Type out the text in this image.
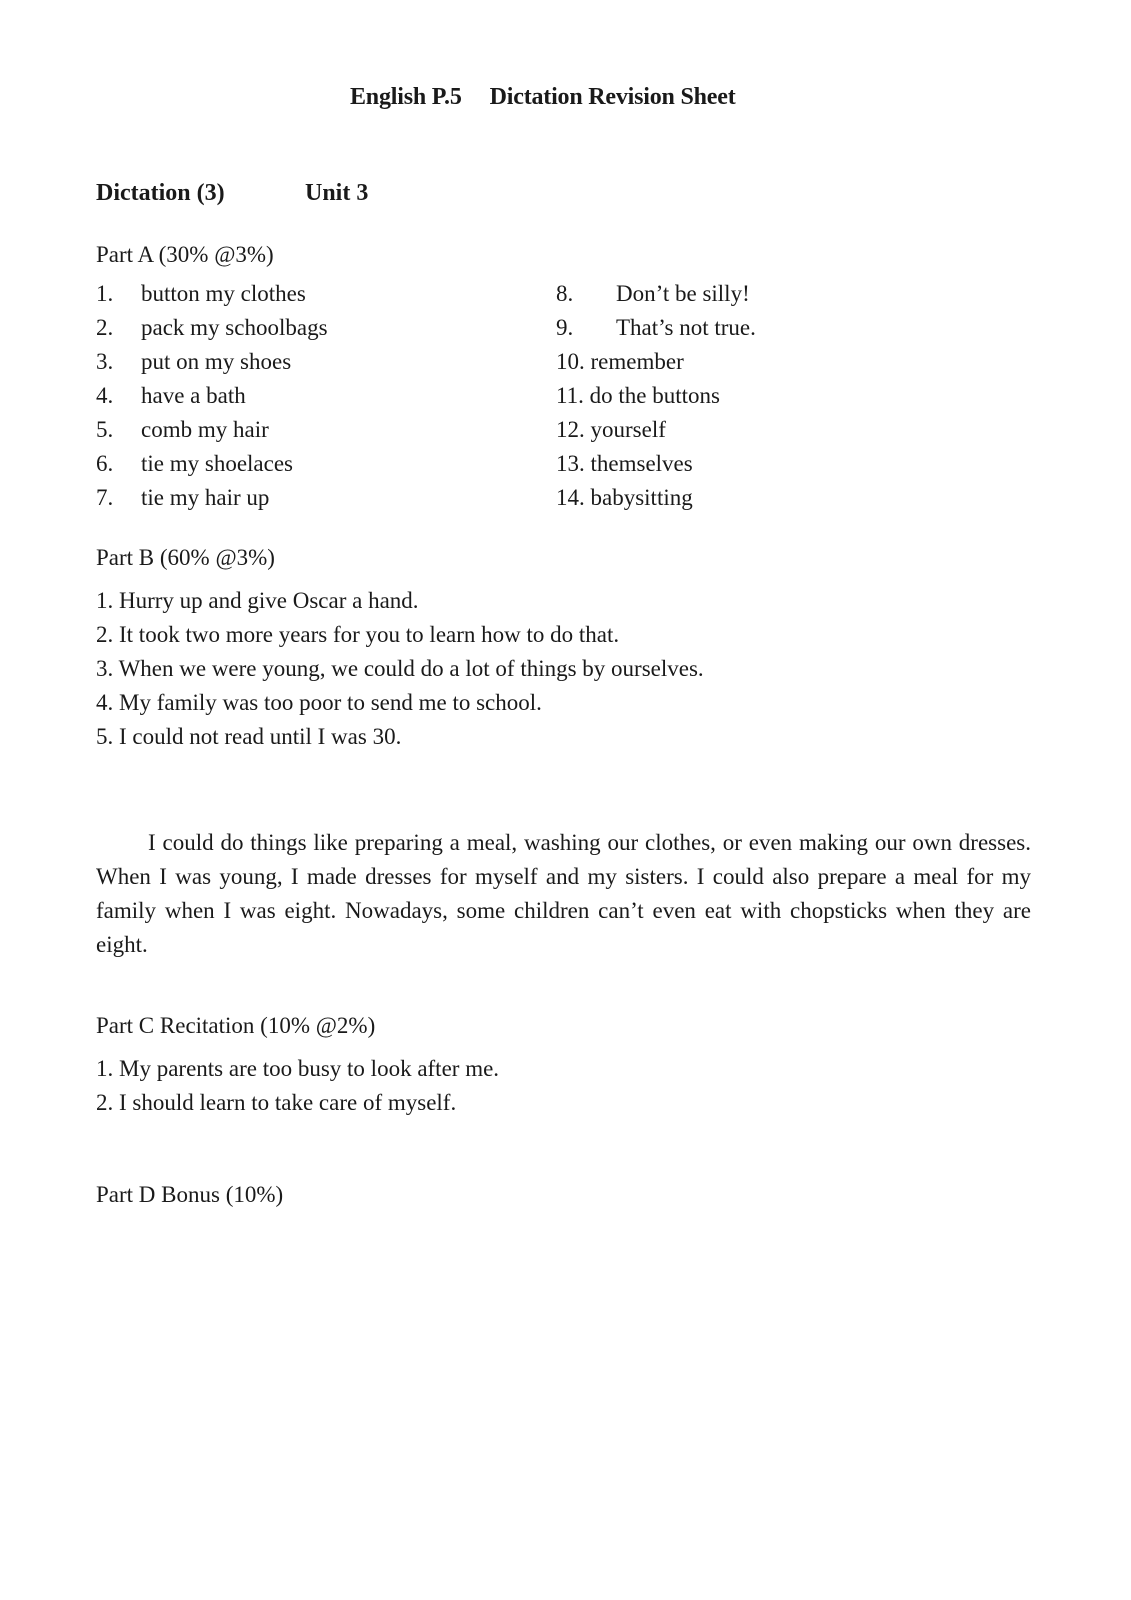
English P.5 Dictation Revision Sheet
Dictation (3)	Unit 3
Part A (30% @3%)
1. button my clothes
2. pack my schoolbags
3. put on my shoes
4. have a bath
5. comb my hair
6. tie my shoelaces
7. tie my hair up
8. Don’t be silly!
9. That’s not true.
10. remember
11. do the buttons
12. yourself
13. themselves
14. babysitting
Part B (60% @3%)
1. Hurry up and give Oscar a hand.
2. It took two more years for you to learn how to do that.
3. When we were young, we could do a lot of things by ourselves.
4. My family was too poor to send me to school.
5. I could not read until I was 30.
I could do things like preparing a meal, washing our clothes, or even making our own dresses. When I was young, I made dresses for myself and my sisters. I could also prepare a meal for my family when I was eight. Nowadays, some children can’t even eat with chopsticks when they are eight.
Part C Recitation (10% @2%)
1. My parents are too busy to look after me.
2. I should learn to take care of myself.
Part D Bonus (10%)
